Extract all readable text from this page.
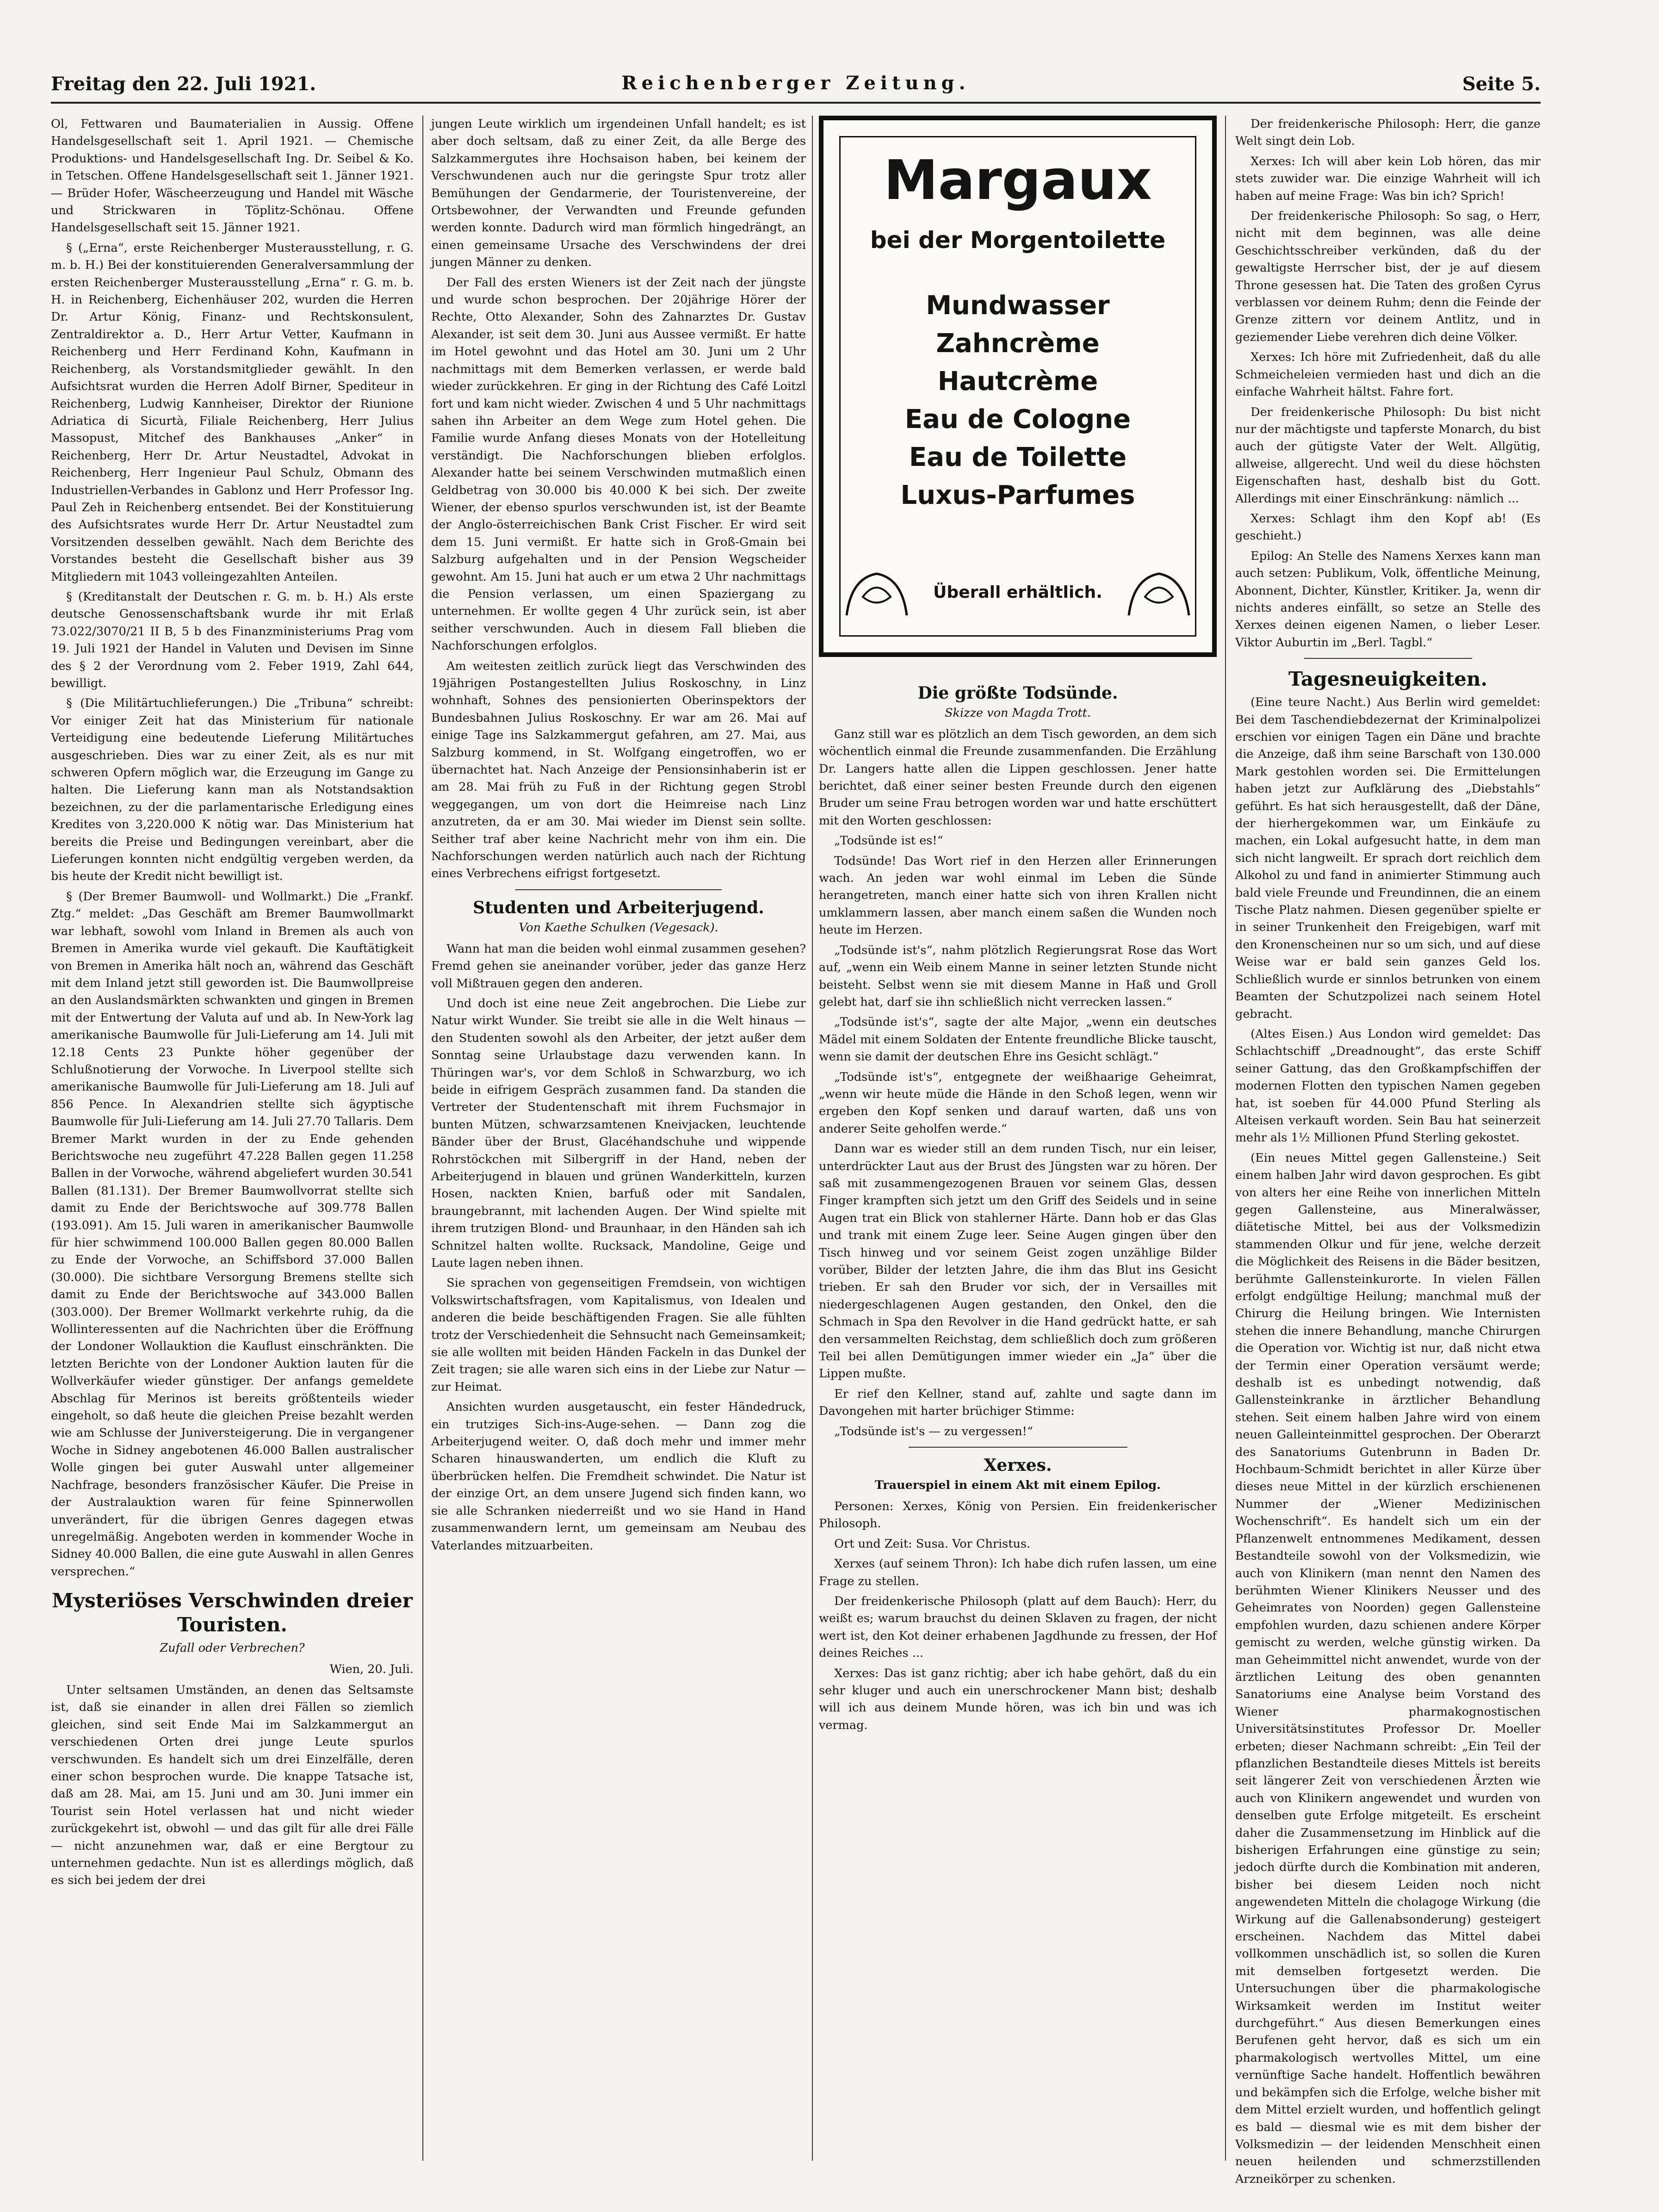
Freitag den 22. Juli 1921.	Reichenberger Zeitung.	Seite 5.

Ol, Fettwaren und Baumaterialien in Aussig. Offene Handelsgesellschaft seit 1. April 1921. — Chemische Produktions- und Handelsgesellschaft Ing. Dr. Seibel & Ko. in Tetschen. Offene Handelsgesellschaft seit 1. Jänner 1921. — Brüder Hofer, Wäscheerzeugung und Handel mit Wäsche und Strickwaren in Töplitz-Schönau. Offene Handelsgesellschaft seit 15. Jänner 1921.

§ („Erna“, erste Reichenberger Musterausstellung, r. G. m. b. H.) Bei der konstituierenden Generalversammlung der ersten Reichenberger Musterausstellung „Erna“ r. G. m. b. H. in Reichenberg, Eichenhäuser 202, wurden die Herren Dr. Artur König, Finanz- und Rechtskonsulent, Zentraldirektor a. D., Herr Artur Vetter, Kaufmann in Reichenberg und Herr Ferdinand Kohn, Kaufmann in Reichenberg, als Vorstandsmitglieder gewählt. In den Aufsichtsrat wurden die Herren Adolf Birner, Spediteur in Reichenberg, Ludwig Kannheiser, Direktor der Riunione Adriatica di Sicurtà, Filiale Reichenberg, Herr Julius Massopust, Mitchef des Bankhauses „Anker“ in Reichenberg, Herr Dr. Artur Neustadtel, Advokat in Reichenberg, Herr Ingenieur Paul Schulz, Obmann des Industriellen-Verbandes in Gablonz und Herr Professor Ing. Paul Zeh in Reichenberg entsendet. Bei der Konstituierung des Aufsichtsrates wurde Herr Dr. Artur Neustadtel zum Vorsitzenden desselben gewählt. Nach dem Berichte des Vorstandes besteht die Gesellschaft bisher aus 39 Mitgliedern mit 1043 volleingezahlten Anteilen.

§ (Kreditanstalt der Deutschen r. G. m. b. H.) Als erste deutsche Genossenschaftsbank wurde ihr mit Erlaß 73.022/3070/21 II B, 5 b des Finanzministeriums Prag vom 19. Juli 1921 der Handel in Valuten und Devisen im Sinne des § 2 der Verordnung vom 2. Feber 1919, Zahl 644, bewilligt.

§ (Die Militärtuchlieferungen.) Die „Tribuna“ schreibt: Vor einiger Zeit hat das Ministerium für nationale Verteidigung eine bedeutende Lieferung Militärtuches ausgeschrieben. Dies war zu einer Zeit, als es nur mit schweren Opfern möglich war, die Erzeugung im Gange zu halten. Die Lieferung kann man als Notstandsaktion bezeichnen, zu der die parlamentarische Erledigung eines Kredites von 3,220.000 K nötig war. Das Ministerium hat bereits die Preise und Bedingungen vereinbart, aber die Lieferungen konnten nicht endgültig vergeben werden, da bis heute der Kredit nicht bewilligt ist.

§ (Der Bremer Baumwoll- und Wollmarkt.) Die „Frankf. Ztg.“ meldet: „Das Geschäft am Bremer Baumwollmarkt war lebhaft, sowohl vom Inland in Bremen als auch von Bremen in Amerika wurde viel gekauft. Die Kauftätigkeit von Bremen in Amerika hält noch an, während das Geschäft mit dem Inland jetzt still geworden ist. Die Baumwollpreise an den Auslandsmärkten schwankten und gingen in Bremen mit der Entwertung der Valuta auf und ab. In New-York lag amerikanische Baumwolle für Juli-Lieferung am 14. Juli mit 12.18 Cents 23 Punkte höher gegenüber der Schlußnotierung der Vorwoche. In Liverpool stellte sich amerikanische Baumwolle für Juli-Lieferung am 18. Juli auf 856 Pence. In Alexandrien stellte sich ägyptische Baumwolle für Juli-Lieferung am 14. Juli 27.70 Tallaris. Dem Bremer Markt wurden in der zu Ende gehenden Berichtswoche neu zugeführt 47.228 Ballen gegen 11.258 Ballen in der Vorwoche, während abgeliefert wurden 30.541 Ballen (81.131). Der Bremer Baumwollvorrat stellte sich damit zu Ende der Berichtswoche auf 309.778 Ballen (193.091). Am 15. Juli waren in amerikanischer Baumwolle für hier schwimmend 100.000 Ballen gegen 80.000 Ballen zu Ende der Vorwoche, an Schiffsbord 37.000 Ballen (30.000). Die sichtbare Versorgung Bremens stellte sich damit zu Ende der Berichtswoche auf 343.000 Ballen (303.000). Der Bremer Wollmarkt verkehrte ruhig, da die Wollinteressenten auf die Nachrichten über die Eröffnung der Londoner Wollauktion die Kauflust einschränkten. Die letzten Berichte von der Londoner Auktion lauten für die Wollverkäufer wieder günstiger. Der anfangs gemeldete Abschlag für Merinos ist bereits größtenteils wieder eingeholt, so daß heute die gleichen Preise bezahlt werden wie am Schlusse der Juniversteigerung. Die in vergangener Woche in Sidney angebotenen 46.000 Ballen australischer Wolle gingen bei guter Auswahl unter allgemeiner Nachfrage, besonders französischer Käufer. Die Preise in der Australauktion waren für feine Spinnerwollen unverändert, für die übrigen Genres dagegen etwas unregelmäßig. Angeboten werden in kommender Woche in Sidney 40.000 Ballen, die eine gute Auswahl in allen Genres versprechen.“

Mysteriöses Verschwinden dreier Touristen.

Zufall oder Verbrechen?

Wien, 20. Juli.

Unter seltsamen Umständen, an denen das Seltsamste ist, daß sie einander in allen drei Fällen so ziemlich gleichen, sind seit Ende Mai im Salzkammergut an verschiedenen Orten drei junge Leute spurlos verschwunden. Es handelt sich um drei Einzelfälle, deren einer schon besprochen wurde. Die knappe Tatsache ist, daß am 28. Mai, am 15. Juni und am 30. Juni immer ein Tourist sein Hotel verlassen hat und nicht wieder zurückgekehrt ist, obwohl — und das gilt für alle drei Fälle — nicht anzunehmen war, daß er eine Bergtour zu unternehmen gedachte. Nun ist es allerdings möglich, daß es sich bei jedem der drei

jungen Leute wirklich um irgendeinen Unfall handelt; es ist aber doch seltsam, daß zu einer Zeit, da alle Berge des Salzkammergutes ihre Hochsaison haben, bei keinem der Verschwundenen auch nur die geringste Spur trotz aller Bemühungen der Gendarmerie, der Touristenvereine, der Ortsbewohner, der Verwandten und Freunde gefunden werden konnte. Dadurch wird man förmlich hingedrängt, an einen gemeinsame Ursache des Verschwindens der drei jungen Männer zu denken.

Der Fall des ersten Wieners ist der Zeit nach der jüngste und wurde schon besprochen. Der 20jährige Hörer der Rechte, Otto Alexander, Sohn des Zahnarztes Dr. Gustav Alexander, ist seit dem 30. Juni aus Aussee vermißt. Er hatte im Hotel gewohnt und das Hotel am 30. Juni um 2 Uhr nachmittags mit dem Bemerken verlassen, er werde bald wieder zurückkehren. Er ging in der Richtung des Café Loitzl fort und kam nicht wieder. Zwischen 4 und 5 Uhr nachmittags sahen ihn Arbeiter an dem Wege zum Hotel gehen. Die Familie wurde Anfang dieses Monats von der Hotelleitung verständigt. Die Nachforschungen blieben erfolglos. Alexander hatte bei seinem Verschwinden mutmaßlich einen Geldbetrag von 30.000 bis 40.000 K bei sich. Der zweite Wiener, der ebenso spurlos verschwunden ist, ist der Beamte der Anglo-österreichischen Bank Crist Fischer. Er wird seit dem 15. Juni vermißt. Er hatte sich in Groß-Gmain bei Salzburg aufgehalten und in der Pension Wegscheider gewohnt. Am 15. Juni hat auch er um etwa 2 Uhr nachmittags die Pension verlassen, um einen Spaziergang zu unternehmen. Er wollte gegen 4 Uhr zurück sein, ist aber seither verschwunden. Auch in diesem Fall blieben die Nachforschungen erfolglos.

Am weitesten zeitlich zurück liegt das Verschwinden des 19jährigen Postangestellten Julius Roskoschny, in Linz wohnhaft, Sohnes des pensionierten Oberinspektors der Bundesbahnen Julius Roskoschny. Er war am 26. Mai auf einige Tage ins Salzkammergut gefahren, am 27. Mai, aus Salzburg kommend, in St. Wolfgang eingetroffen, wo er übernachtet hat. Nach Anzeige der Pensionsinhaberin ist er am 28. Mai früh zu Fuß in der Richtung gegen Strobl weggegangen, um von dort die Heimreise nach Linz anzutreten, da er am 30. Mai wieder im Dienst sein sollte. Seither traf aber keine Nachricht mehr von ihm ein. Die Nachforschungen werden natürlich auch nach der Richtung eines Verbrechens eifrigst fortgesetzt.

Studenten und Arbeiterjugend.

Von Kaethe Schulken (Vegesack).

Wann hat man die beiden wohl einmal zusammen gesehen? Fremd gehen sie aneinander vorüber, jeder das ganze Herz voll Mißtrauen gegen den anderen.

Und doch ist eine neue Zeit angebrochen. Die Liebe zur Natur wirkt Wunder. Sie treibt sie alle in die Welt hinaus — den Studenten sowohl als den Arbeiter, der jetzt außer dem Sonntag seine Urlaubstage dazu verwenden kann. In Thüringen war's, vor dem Schloß in Schwarzburg, wo ich beide in eifrigem Gespräch zusammen fand. Da standen die Vertreter der Studentenschaft mit ihrem Fuchsmajor in bunten Mützen, schwarzsamtenen Kneivjacken, leuchtende Bänder über der Brust, Glacéhandschuhe und wippende Rohrstöckchen mit Silbergriff in der Hand, neben der Arbeiterjugend in blauen und grünen Wanderkitteln, kurzen Hosen, nackten Knien, barfuß oder mit Sandalen, braungebrannt, mit lachenden Augen. Der Wind spielte mit ihrem trutzigen Blond- und Braunhaar, in den Händen sah ich Schnitzel halten wollte. Rucksack, Mandoline, Geige und Laute lagen neben ihnen.

Sie sprachen von gegenseitigen Fremdsein, von wichtigen Volkswirtschaftsfragen, vom Kapitalismus, von Idealen und anderen die beide beschäftigenden Fragen. Sie alle fühlten trotz der Verschiedenheit die Sehnsucht nach Gemeinsamkeit; sie alle wollten mit beiden Händen Fackeln in das Dunkel der Zeit tragen; sie alle waren sich eins in der Liebe zur Natur — zur Heimat.

Ansichten wurden ausgetauscht, ein fester Händedruck, ein trutziges Sich-ins-Auge-sehen. — Dann zog die Arbeiterjugend weiter. O, daß doch mehr und immer mehr Scharen hinauswanderten, um endlich die Kluft zu überbrücken helfen. Die Fremdheit schwindet. Die Natur ist der einzige Ort, an dem unsere Jugend sich finden kann, wo sie alle Schranken niederreißt und wo sie Hand in Hand zusammenwandern lernt, um gemeinsam am Neubau des Vaterlandes mitzuarbeiten.

Margaux
bei der Morgentoilette
Mundwasser
Zahncrème
Hautcrème
Eau de Cologne
Eau de Toilette
Luxus-Parfumes
Überall erhältlich.
Die größte Todsünde.

Skizze von Magda Trott.

Ganz still war es plötzlich an dem Tisch geworden, an dem sich wöchentlich einmal die Freunde zusammenfanden. Die Erzählung Dr. Langers hatte allen die Lippen geschlossen. Jener hatte berichtet, daß einer seiner besten Freunde durch den eigenen Bruder um seine Frau betrogen worden war und hatte erschüttert mit den Worten geschlossen:

„Todsünde ist es!“

Todsünde! Das Wort rief in den Herzen aller Erinnerungen wach. An jeden war wohl einmal im Leben die Sünde herangetreten, manch einer hatte sich von ihren Krallen nicht umklammern lassen, aber manch einem saßen die Wunden noch heute im Herzen.

„Todsünde ist's“, nahm plötzlich Regierungsrat Rose das Wort auf, „wenn ein Weib einem Manne in seiner letzten Stunde nicht beisteht. Selbst wenn sie mit diesem Manne in Haß und Groll gelebt hat, darf sie ihn schließlich nicht verrecken lassen.“

„Todsünde ist's“, sagte der alte Major, „wenn ein deutsches Mädel mit einem Soldaten der Entente freundliche Blicke tauscht, wenn sie damit der deutschen Ehre ins Gesicht schlägt.“

„Todsünde ist's“, entgegnete der weißhaarige Geheimrat, „wenn wir heute müde die Hände in den Schoß legen, wenn wir ergeben den Kopf senken und darauf warten, daß uns von anderer Seite geholfen werde.“

Dann war es wieder still an dem runden Tisch, nur ein leiser, unterdrückter Laut aus der Brust des Jüngsten war zu hören. Der saß mit zusammengezogenen Brauen vor seinem Glas, dessen Finger krampften sich jetzt um den Griff des Seidels und in seine Augen trat ein Blick von stahlerner Härte. Dann hob er das Glas und trank mit einem Zuge leer. Seine Augen gingen über den Tisch hinweg und vor seinem Geist zogen unzählige Bilder vorüber, Bilder der letzten Jahre, die ihm das Blut ins Gesicht trieben. Er sah den Bruder vor sich, der in Versailles mit niedergeschlagenen Augen gestanden, den Onkel, den die Schmach in Spa den Revolver in die Hand gedrückt hatte, er sah den versammelten Reichstag, dem schließlich doch zum größeren Teil bei allen Demütigungen immer wieder ein „Ja“ über die Lippen mußte.

Er rief den Kellner, stand auf, zahlte und sagte dann im Davongehen mit harter brüchiger Stimme:

„Todsünde ist's — zu vergessen!“

Xerxes.

Trauerspiel in einem Akt mit einem Epilog.

Personen: Xerxes, König von Persien. Ein freidenkerischer Philosoph.

Ort und Zeit: Susa. Vor Christus.

Xerxes (auf seinem Thron): Ich habe dich rufen lassen, um eine Frage zu stellen.

Der freidenkerische Philosoph (platt auf dem Bauch): Herr, du weißt es; warum brauchst du deinen Sklaven zu fragen, der nicht wert ist, den Kot deiner erhabenen Jagdhunde zu fressen, der Hof deines Reiches ...

Xerxes: Das ist ganz richtig; aber ich habe gehört, daß du ein sehr kluger und auch ein unerschrockener Mann bist; deshalb will ich aus deinem Munde hören, was ich bin und was ich vermag.

Der freidenkerische Philosoph: Herr, die ganze Welt singt dein Lob.

Xerxes: Ich will aber kein Lob hören, das mir stets zuwider war. Die einzige Wahrheit will ich haben auf meine Frage: Was bin ich? Sprich!

Der freidenkerische Philosoph: So sag, o Herr, nicht mit dem beginnen, was alle deine Geschichtsschreiber verkünden, daß du der gewaltigste Herrscher bist, der je auf diesem Throne gesessen hat. Die Taten des großen Cyrus verblassen vor deinem Ruhm; denn die Feinde der Grenze zittern vor deinem Antlitz, und in geziemender Liebe verehren dich deine Völker.

Xerxes: Ich höre mit Zufriedenheit, daß du alle Schmeicheleien vermieden hast und dich an die einfache Wahrheit hältst. Fahre fort.

Der freidenkerische Philosoph: Du bist nicht nur der mächtigste und tapferste Monarch, du bist auch der gütigste Vater der Welt. Allgütig, allweise, allgerecht. Und weil du diese höchsten Eigenschaften hast, deshalb bist du Gott. Allerdings mit einer Einschränkung: nämlich ...

Xerxes: Schlagt ihm den Kopf ab! (Es geschieht.)

Epilog: An Stelle des Namens Xerxes kann man auch setzen: Publikum, Volk, öffentliche Meinung, Abonnent, Dichter, Künstler, Kritiker. Ja, wenn dir nichts anderes einfällt, so setze an Stelle des Xerxes deinen eigenen Namen, o lieber Leser. Viktor Auburtin im „Berl. Tagbl.“

Tagesneuigkeiten.

(Eine teure Nacht.) Aus Berlin wird gemeldet: Bei dem Taschendiebdezernat der Kriminalpolizei erschien vor einigen Tagen ein Däne und brachte die Anzeige, daß ihm seine Barschaft von 130.000 Mark gestohlen worden sei. Die Ermittelungen haben jetzt zur Aufklärung des „Diebstahls“ geführt. Es hat sich herausgestellt, daß der Däne, der hierhergekommen war, um Einkäufe zu machen, ein Lokal aufgesucht hatte, in dem man sich nicht langweilt. Er sprach dort reichlich dem Alkohol zu und fand in animierter Stimmung auch bald viele Freunde und Freundinnen, die an einem Tische Platz nahmen. Diesen gegenüber spielte er in seiner Trunkenheit den Freigebigen, warf mit den Kronenscheinen nur so um sich, und auf diese Weise war er bald sein ganzes Geld los. Schließlich wurde er sinnlos betrunken von einem Beamten der Schutzpolizei nach seinem Hotel gebracht.

(Altes Eisen.) Aus London wird gemeldet: Das Schlachtschiff „Dreadnought“, das erste Schiff seiner Gattung, das den Großkampfschiffen der modernen Flotten den typischen Namen gegeben hat, ist soeben für 44.000 Pfund Sterling als Alteisen verkauft worden. Sein Bau hat seinerzeit mehr als 1½ Millionen Pfund Sterling gekostet.

(Ein neues Mittel gegen Gallensteine.) Seit einem halben Jahr wird davon gesprochen. Es gibt von alters her eine Reihe von innerlichen Mitteln gegen Gallensteine, aus Mineralwässer, diätetische Mittel, bei aus der Volksmedizin stammenden Olkur und für jene, welche derzeit die Möglichkeit des Reisens in die Bäder besitzen, berühmte Gallensteinkurorte. In vielen Fällen erfolgt endgültige Heilung; manchmal muß der Chirurg die Heilung bringen. Wie Internisten stehen die innere Behandlung, manche Chirurgen die Operation vor. Wichtig ist nur, daß nicht etwa der Termin einer Operation versäumt werde; deshalb ist es unbedingt notwendig, daß Gallensteinkranke in ärztlicher Behandlung stehen. Seit einem halben Jahre wird von einem neuen Galleinteinmittel gesprochen. Der Oberarzt des Sanatoriums Gutenbrunn in Baden Dr. Hochbaum-Schmidt berichtet in aller Kürze über dieses neue Mittel in der kürzlich erschienenen Nummer der „Wiener Medizinischen Wochenschrift“. Es handelt sich um ein der Pflanzenwelt entnommenes Medikament, dessen Bestandteile sowohl von der Volksmedizin, wie auch von Klinikern (man nennt den Namen des berühmten Wiener Klinikers Neusser und des Geheimrates von Noorden) gegen Gallensteine empfohlen wurden, dazu schienen andere Körper gemischt zu werden, welche günstig wirken. Da man Geheimmittel nicht anwendet, wurde von der ärztlichen Leitung des oben genannten Sanatoriums eine Analyse beim Vorstand des Wiener pharmakognostischen Universitätsinstitutes Professor Dr. Moeller erbeten; dieser Nachmann schreibt: „Ein Teil der pflanzlichen Bestandteile dieses Mittels ist bereits seit längerer Zeit von verschiedenen Ärzten wie auch von Klinikern angewendet und wurden von denselben gute Erfolge mitgeteilt. Es erscheint daher die Zusammensetzung im Hinblick auf die bisherigen Erfahrungen eine günstige zu sein; jedoch dürfte durch die Kombination mit anderen, bisher bei diesem Leiden noch nicht angewendeten Mitteln die cholagoge Wirkung (die Wirkung auf die Gallenabsonderung) gesteigert erscheinen. Nachdem das Mittel dabei vollkommen unschädlich ist, so sollen die Kuren mit demselben fortgesetzt werden. Die Untersuchungen über die pharmakologische Wirksamkeit werden im Institut weiter durchgeführt.“ Aus diesen Bemerkungen eines Berufenen geht hervor, daß es sich um ein pharmakologisch wertvolles Mittel, um eine vernünftige Sache handelt. Hoffentlich bewähren und bekämpfen sich die Erfolge, welche bisher mit dem Mittel erzielt wurden, und hoffentlich gelingt es bald — diesmal wie es mit dem bisher der Volksmedizin — der leidenden Menschheit einen neuen heilenden und schmerzstillenden Arzneikörper zu schenken.
